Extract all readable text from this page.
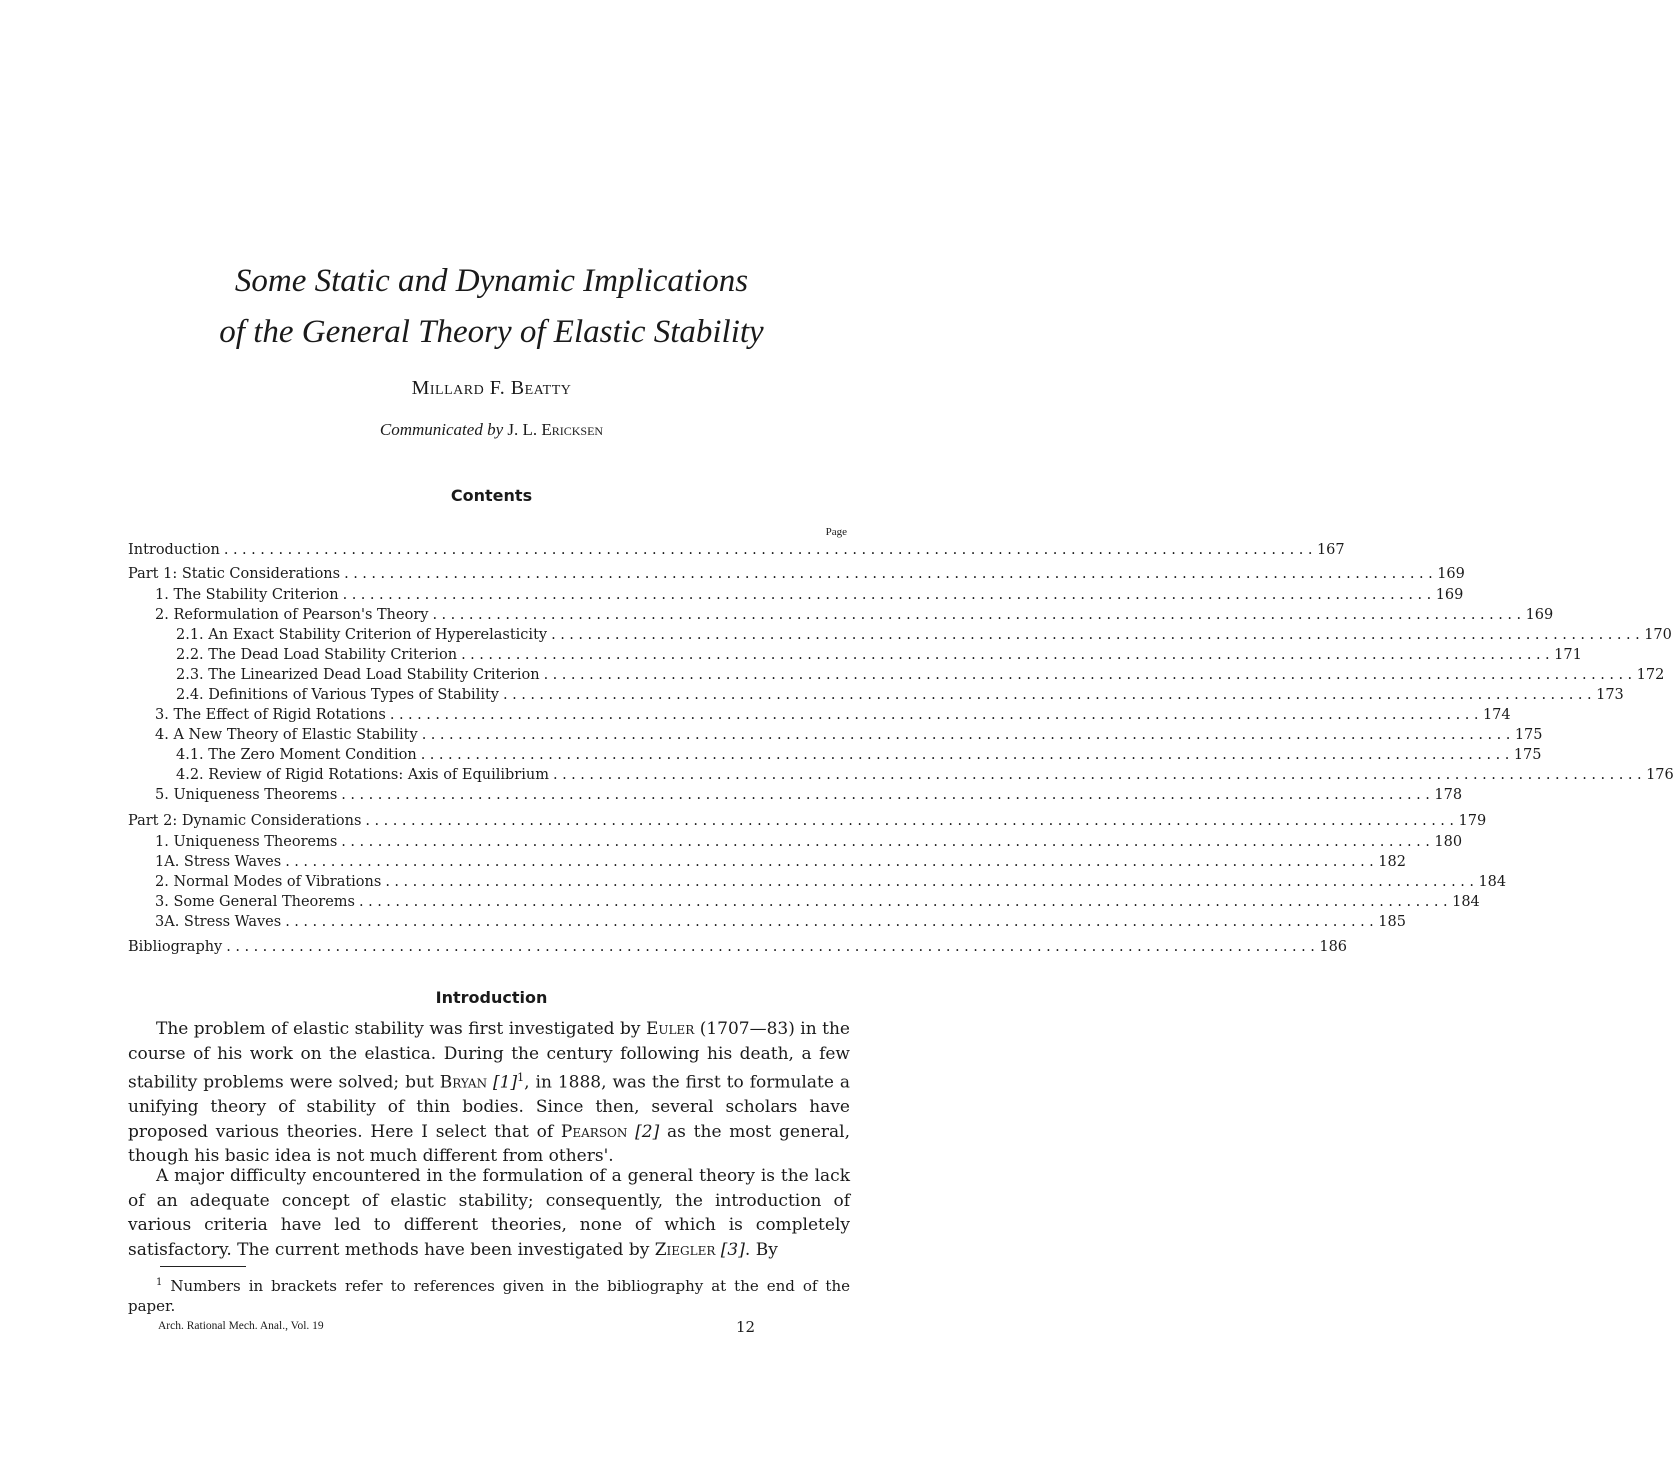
Some Static and Dynamic Implications
of the General Theory of Elastic Stability
Millard F. Beatty
Communicated by J. L. Ericksen
Contents
Page
Introduction ........................................................................................................................ 167
Part 1: Static Considerations ........................................................................................................................ 169
1. The Stability Criterion ........................................................................................................................ 169
2. Reformulation of Pearson's Theory ........................................................................................................................ 169
2.1. An Exact Stability Criterion of Hyperelasticity ........................................................................................................................ 170
2.2. The Dead Load Stability Criterion ........................................................................................................................ 171
2.3. The Linearized Dead Load Stability Criterion ........................................................................................................................ 172
2.4. Definitions of Various Types of Stability ........................................................................................................................ 173
3. The Effect of Rigid Rotations ........................................................................................................................ 174
4. A New Theory of Elastic Stability ........................................................................................................................ 175
4.1. The Zero Moment Condition ........................................................................................................................ 175
4.2. Review of Rigid Rotations: Axis of Equilibrium ........................................................................................................................ 176
5. Uniqueness Theorems ........................................................................................................................ 178
Part 2: Dynamic Considerations ........................................................................................................................ 179
1. Uniqueness Theorems ........................................................................................................................ 180
1A. Stress Waves ........................................................................................................................ 182
2. Normal Modes of Vibrations ........................................................................................................................ 184
3. Some General Theorems ........................................................................................................................ 184
3A. Stress Waves ........................................................................................................................ 185
Bibliography ........................................................................................................................ 186
Introduction
The problem of elastic stability was first investigated by Euler (1707—83) in the course of his work on the elastica. During the century following his death, a few stability problems were solved; but Bryan $[1]^1$, in 1888, was the first to formulate a unifying theory of stability of thin bodies. Since then, several scholars have proposed various theories. Here I select that of Pearson [2] as the most general, though his basic idea is not much different from others'.
A major difficulty encountered in the formulation of a general theory is the lack of an adequate concept of elastic stability; consequently, the introduction of various criteria have led to different theories, none of which is completely satisfactory. The current methods have been investigated by Ziegler [3]. By
$^1$ Numbers in brackets refer to references given in the bibliography at the end of the paper.
Arch. Rational Mech. Anal., Vol. 19	12
